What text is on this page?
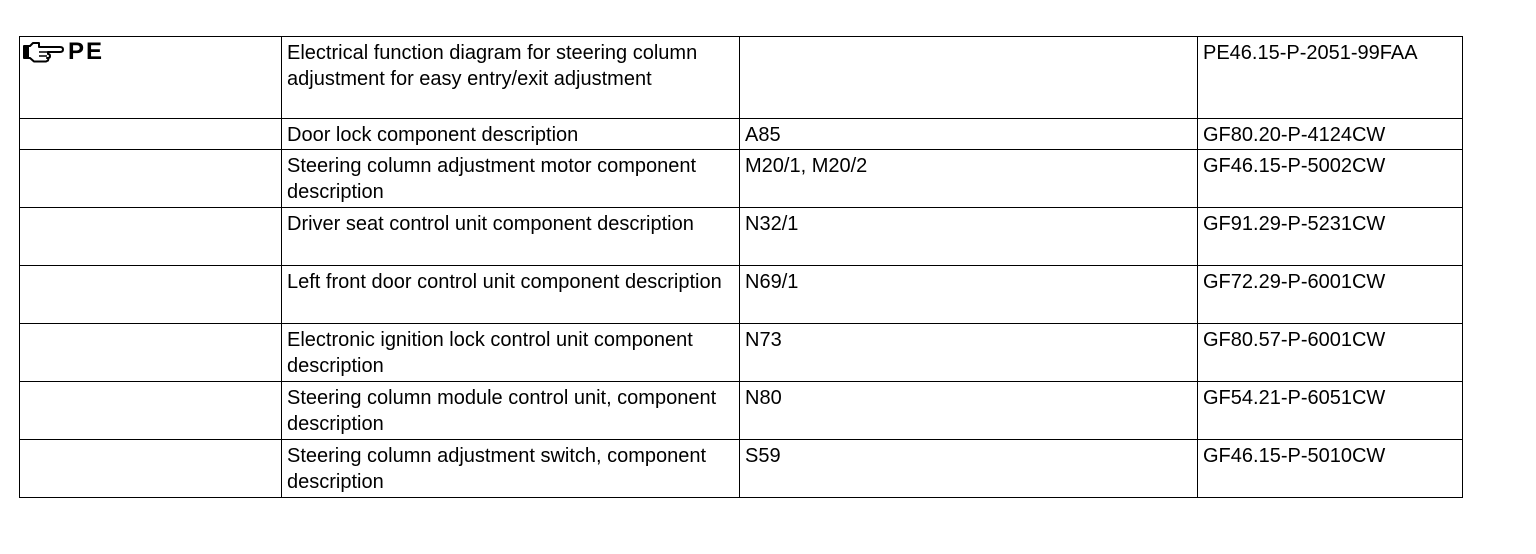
PE	Electrical function diagram for steering column adjustment for easy entry/exit adjustment		PE46.15-P-2051-99FAA
	Door lock component description	A85	GF80.20-P-4124CW
	Steering column adjustment motor component description	M20/1, M20/2	GF46.15-P-5002CW
	Driver seat control unit component description	N32/1	GF91.29-P-5231CW
	Left front door control unit component description	N69/1	GF72.29-P-6001CW
	Electronic ignition lock control unit component description	N73	GF80.57-P-6001CW
	Steering column module control unit, component description	N80	GF54.21-P-6051CW
	Steering column adjustment switch, component description	S59	GF46.15-P-5010CW
